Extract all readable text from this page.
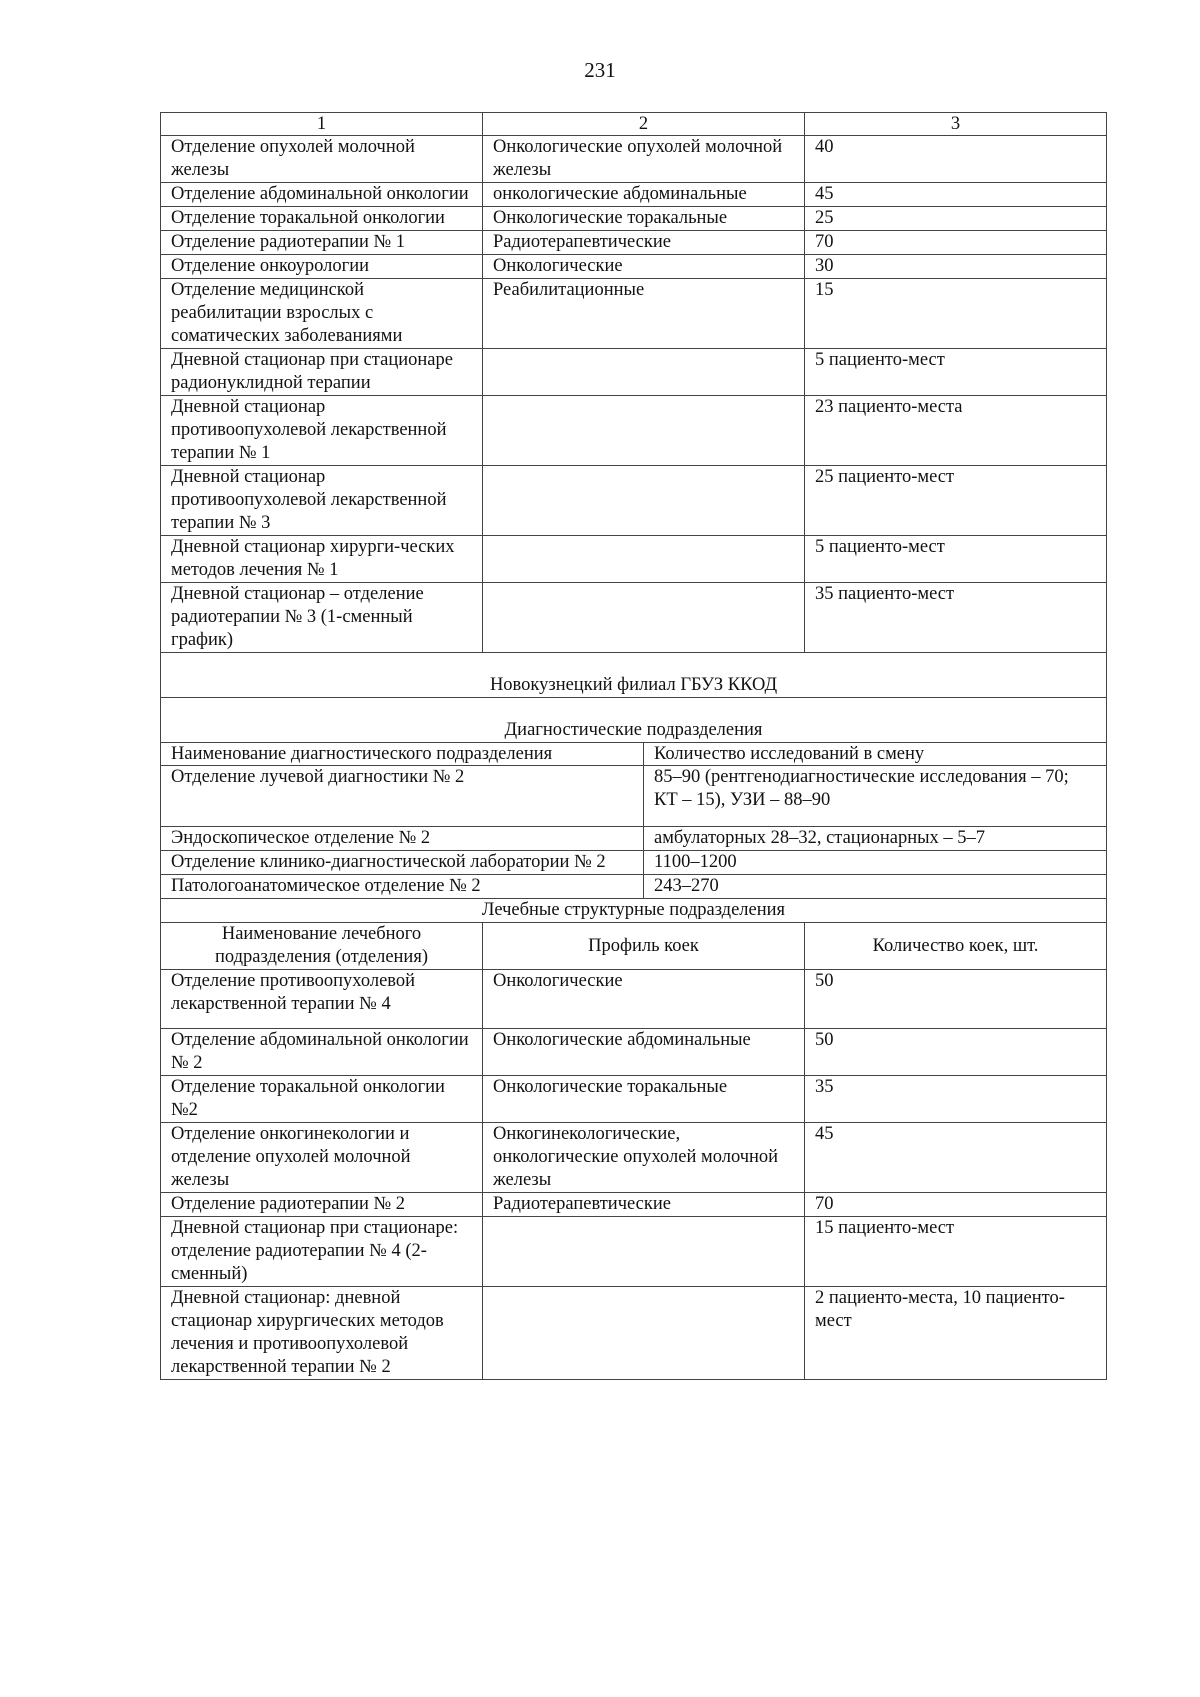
231
1	2		3
Отделение опухолей молочной железы	Онкологические опухолей молочной железы		40
Отделение абдоминальной онкологии	онкологические абдоминальные		45
Отделение торакальной онкологии	Онкологические торакальные		25
Отделение радиотерапии № 1	Радиотерапевтические		70
Отделение онкоурологии	Онкологические		30
Отделение медицинской реабилитации взрослых с соматических заболеваниями	Реабилитационные		15
Дневной стационар при стационаре радионуклидной терапии			5 пациенто-мест
Дневной стационар противоопухолевой лекарственной терапии № 1			23 пациенто-места
Дневной стационар противоопухолевой лекарственной терапии № 3			25 пациенто-мест
Дневной стационар хирурги-ческих методов лечения № 1			5 пациенто-мест
Дневной стационар – отделение радиотерапии № 3 (1-сменный график)			35 пациенто-мест
Новокузнецкий филиал ГБУЗ ККОД			
Диагностические подразделения			
Наименование диагностического подразделения		Количество исследований в смену	
Отделение лучевой диагностики № 2		85–90 (рентгенодиагностические исследования – 70; КТ – 15), УЗИ – 88–90	
Эндоскопическое отделение № 2		амбулаторных 28–32, стационарных – 5–7	
Отделение клинико-диагностической лаборатории № 2		1100–1200	
Патологоанатомическое отделение № 2		243–270	
Лечебные структурные подразделения			
Наименование лечебного подразделения (отделения)	Профиль коек		Количество коек, шт.
Отделение противоопухолевой лекарственной терапии № 4	Онкологические		50
Отделение абдоминальной онкологии № 2	Онкологические абдоминальные		50
Отделение торакальной онкологии №2	Онкологические торакальные		35
Отделение онкогинекологии и отделение опухолей молочной железы	Онкогинекологические, онкологические опухолей молочной железы		45
Отделение радиотерапии № 2	Радиотерапевтические		70
Дневной стационар при стационаре: отделение радиотерапии № 4 (2-сменный)			15 пациенто-мест
Дневной стационар: дневной стационар хирургических методов лечения и противоопухолевой лекарственной терапии № 2			2 пациенто-места, 10 пациенто-мест
